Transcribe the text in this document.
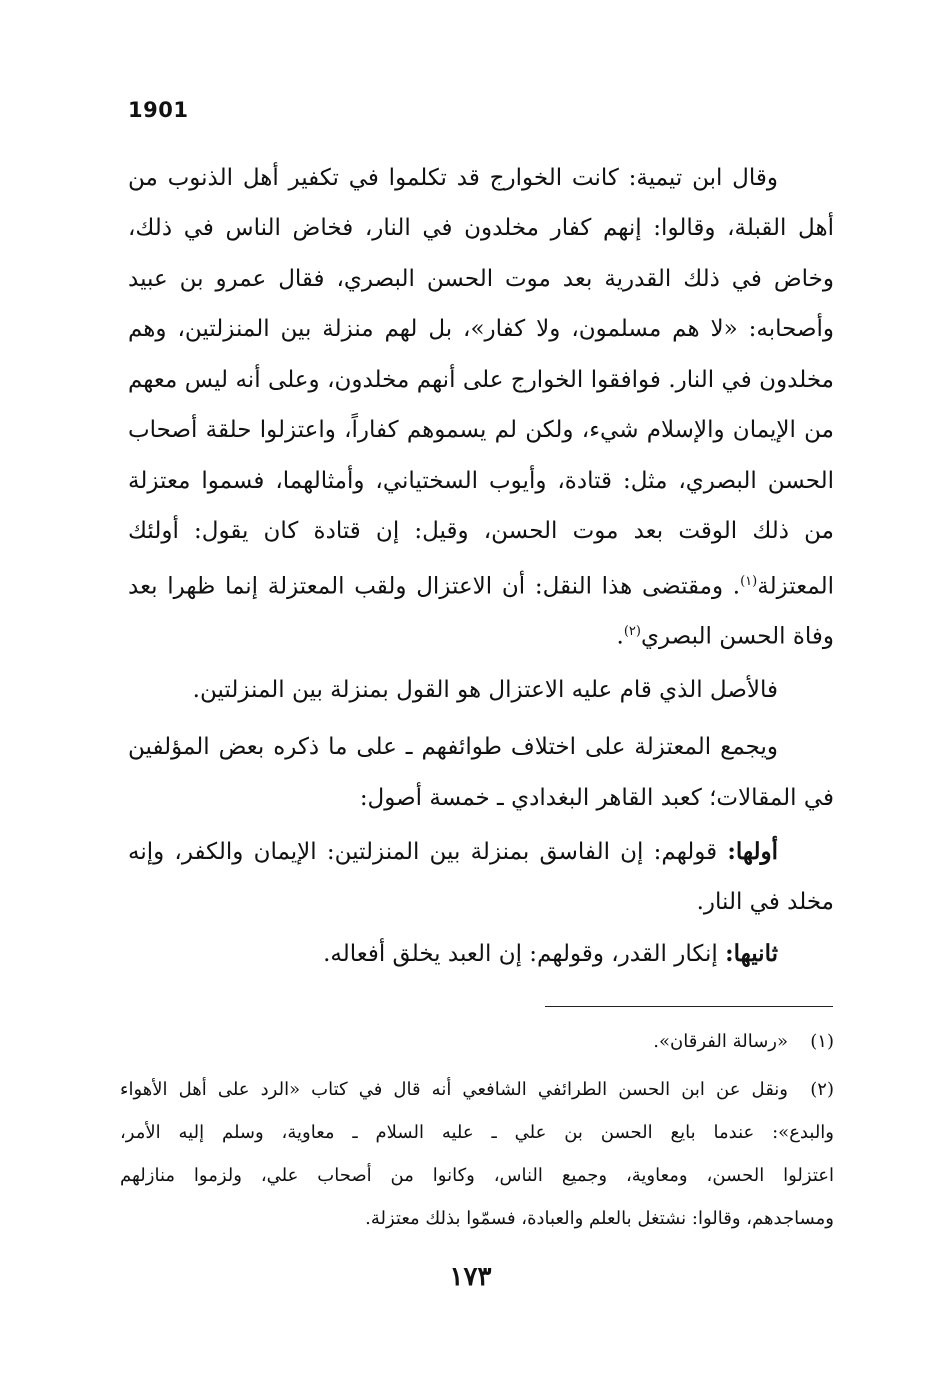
1901
وقال ابن تيمية: كانت الخوارج قد تكلموا في تكفير أهل الذنوب من
أهل القبلة، وقالوا: إنهم كفار مخلدون في النار، فخاض الناس في ذلك،
وخاض في ذلك القدرية بعد موت الحسن البصري، فقال عمرو بن عبيد
وأصحابه: «لا هم مسلمون، ولا كفار»، بل لهم منزلة بين المنزلتين، وهم
مخلدون في النار. فوافقوا الخوارج على أنهم مخلدون، وعلى أنه ليس معهم
من الإيمان والإسلام شيء، ولكن لم يسموهم كفاراً، واعتزلوا حلقة أصحاب
الحسن البصري، مثل: قتادة، وأيوب السختياني، وأمثالهما، فسموا معتزلة
من ذلك الوقت بعد موت الحسن، وقيل: إن قتادة كان يقول: أولئك
المعتزلة$^{(١)}$. ومقتضى هذا النقل: أن الاعتزال ولقب المعتزلة إنما ظهرا بعد
وفاة الحسن البصري$^{(٢)}$.
فالأصل الذي قام عليه الاعتزال هو القول بمنزلة بين المنزلتين.
ويجمع المعتزلة على اختلاف طوائفهم ـ على ما ذكره بعض المؤلفين
في المقالات؛ كعبد القاهر البغدادي ـ خمسة أصول:
أولها: قولهم: إن الفاسق بمنزلة بين المنزلتين: الإيمان والكفر، وإنه
مخلد في النار.
ثانيها: إنكار القدر، وقولهم: إن العبد يخلق أفعاله.
(١)«رسالة الفرقان».
(٢)ونقل عن ابن الحسن الطرائفي الشافعي أنه قال في كتاب «الرد على أهل الأهواء
والبدع»: عندما بايع الحسن بن علي ـ عليه السلام ـ معاوية، وسلم إليه الأمر،
اعتزلوا الحسن، ومعاوية، وجميع الناس، وكانوا من أصحاب علي، ولزموا منازلهم
ومساجدهم، وقالوا: نشتغل بالعلم والعبادة، فسمّوا بذلك معتزلة.
١٧٣
